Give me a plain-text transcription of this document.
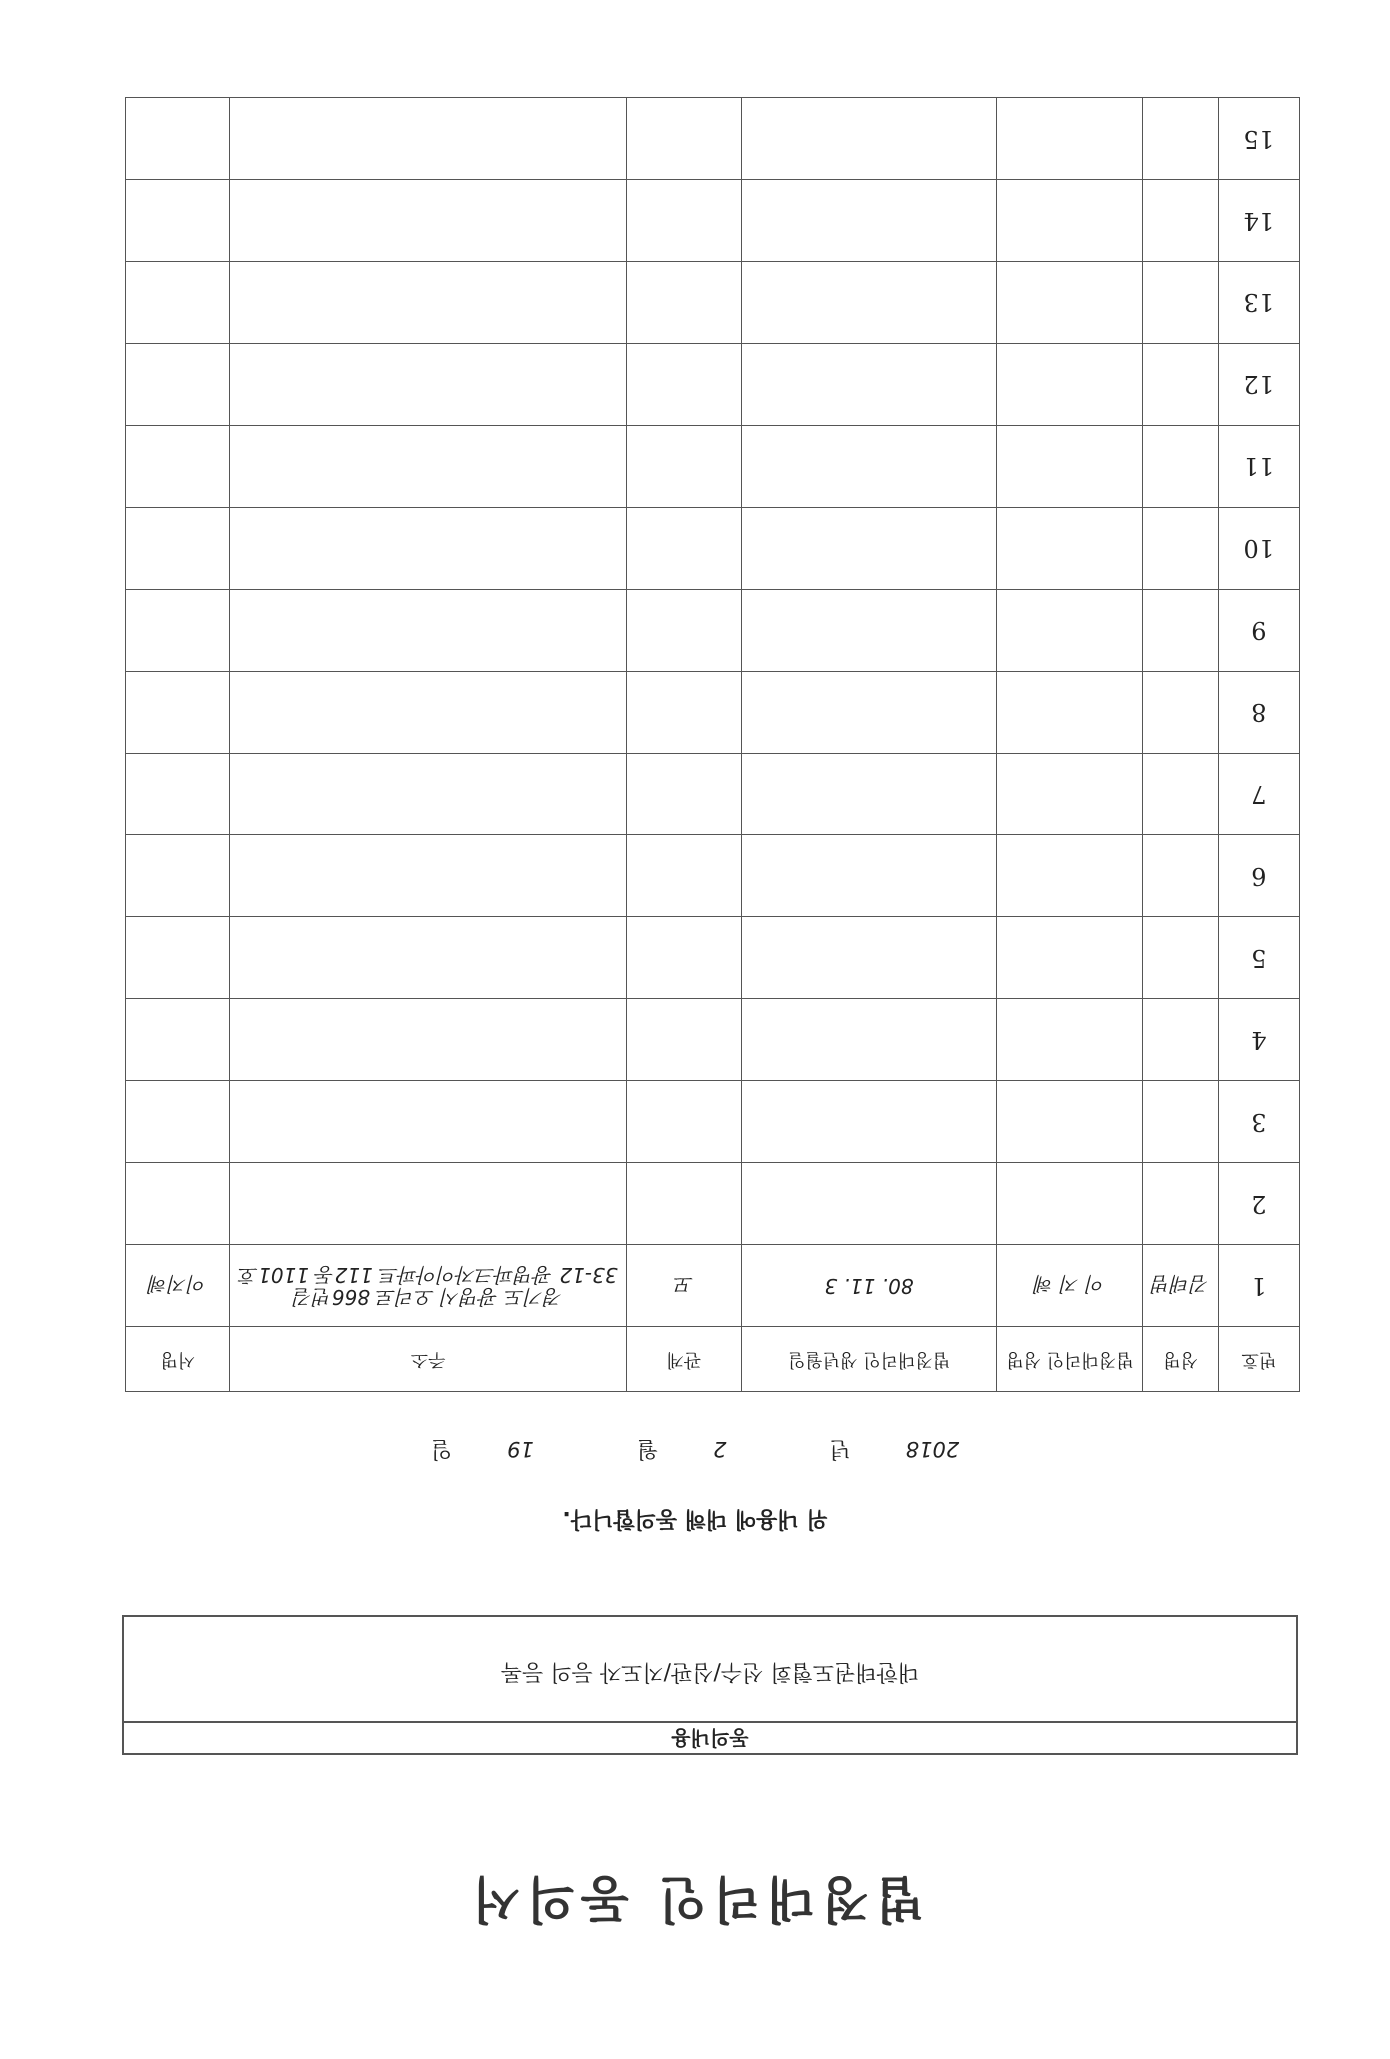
법정대리인 동의서
동의내용
대한태권도협회 선수/심판/지도자 등의 등록
위 내용에 대해 동의합니다.
2018 년 2 월 19 일
번호	성명	법정대리인 성명	법정대리인 생년월일	관계	주소	서명
1	김태범	이 지 혜	80. 11. 3	모	경기도 광명시 오리로 866번길
33-12 광명파크자이아파트 112동 1101호	이지혜
2					

3					

4					

5					

6					

7					

8					

9					

10					

11					

12					

13					

14					

15					
